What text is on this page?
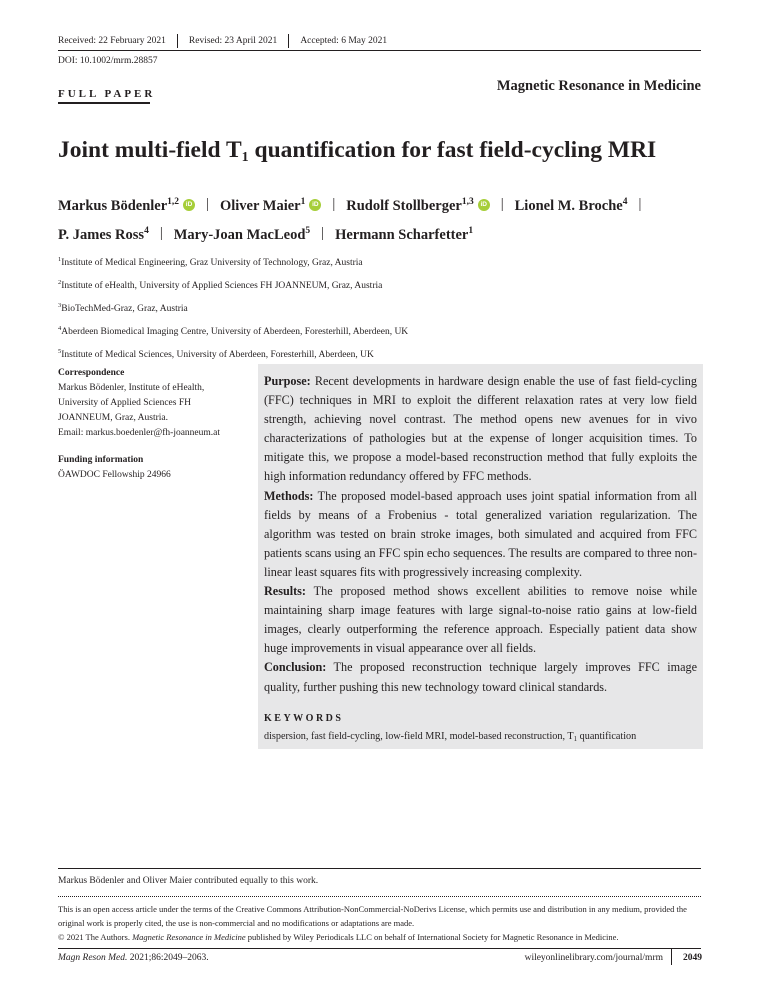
Received: 22 February 2021 Revised: 23 April 2021 Accepted: 6 May 2021
DOI: 10.1002/mrm.28857
FULL PAPER	Magnetic Resonance in Medicine
Joint multi-field $T_1$ quantification for fast field-cycling MRI
Markus Bödenler$^{1,2}$	iD | Oliver Maier$^1$	iD | Rudolf Stollberger$^{1,3}$	iD | Lionel M. Broche$^4$ |
P. James Ross$^4$ | Mary-Joan MacLeod$^5$ | Hermann Scharfetter$^1$
$^1$Institute of Medical Engineering, Graz University of Technology, Graz, Austria
$^2$Institute of eHealth, University of Applied Sciences FH JOANNEUM, Graz, Austria
$^3$BioTechMed-Graz, Graz, Austria
$^4$Aberdeen Biomedical Imaging Centre, University of Aberdeen, Foresterhill, Aberdeen, UK
$^5$Institute of Medical Sciences, University of Aberdeen, Foresterhill, Aberdeen, UK
Correspondence
Markus Bödenler, Institute of eHealth,
University of Applied Sciences FH
JOANNEUM, Graz, Austria.
Email: markus.boedenler@fh-joanneum.at
Funding information
ÖAWDOC Fellowship 24966

Purpose: Recent developments in hardware design enable the use of fast field-cycling (FFC) techniques in MRI to exploit the different relaxation rates at very low field strength, achieving novel contrast. The method opens new avenues for in vivo characterizations of pathologies but at the expense of longer acquisition times. To mitigate this, we propose a model-based reconstruction method that fully exploits the high information redundancy offered by FFC methods.

Methods: The proposed model-based approach uses joint spatial information from all fields by means of a Frobenius - total generalized variation regularization. The algorithm was tested on brain stroke images, both simulated and acquired from FFC patients scans using an FFC spin echo sequences. The results are compared to three non-linear least squares fits with progressively increasing complexity.

Results: The proposed method shows excellent abilities to remove noise while maintaining sharp image features with large signal-to-noise ratio gains at low-field images, clearly outperforming the reference approach. Especially patient data show huge improvements in visual appearance over all fields.

Conclusion: The proposed reconstruction technique largely improves FFC image quality, further pushing this new technology toward clinical standards.

KEYWORDS
dispersion, fast field-cycling, low-field MRI, model-based reconstruction, $T_1$ quantification
Markus Bödenler and Oliver Maier contributed equally to this work.
This is an open access article under the terms of the Creative Commons Attribution-NonCommercial-NoDerivs License, which permits use and distribution in any medium, provided the original work is properly cited, the use is non-commercial and no modifications or adaptations are made.
© 2021 The Authors. Magnetic Resonance in Medicine published by Wiley Periodicals LLC on behalf of International Society for Magnetic Resonance in Medicine.
Magn Reson Med. 2021;86:2049–2063.	wileyonlinelibrary.com/journal/mrm 2049
